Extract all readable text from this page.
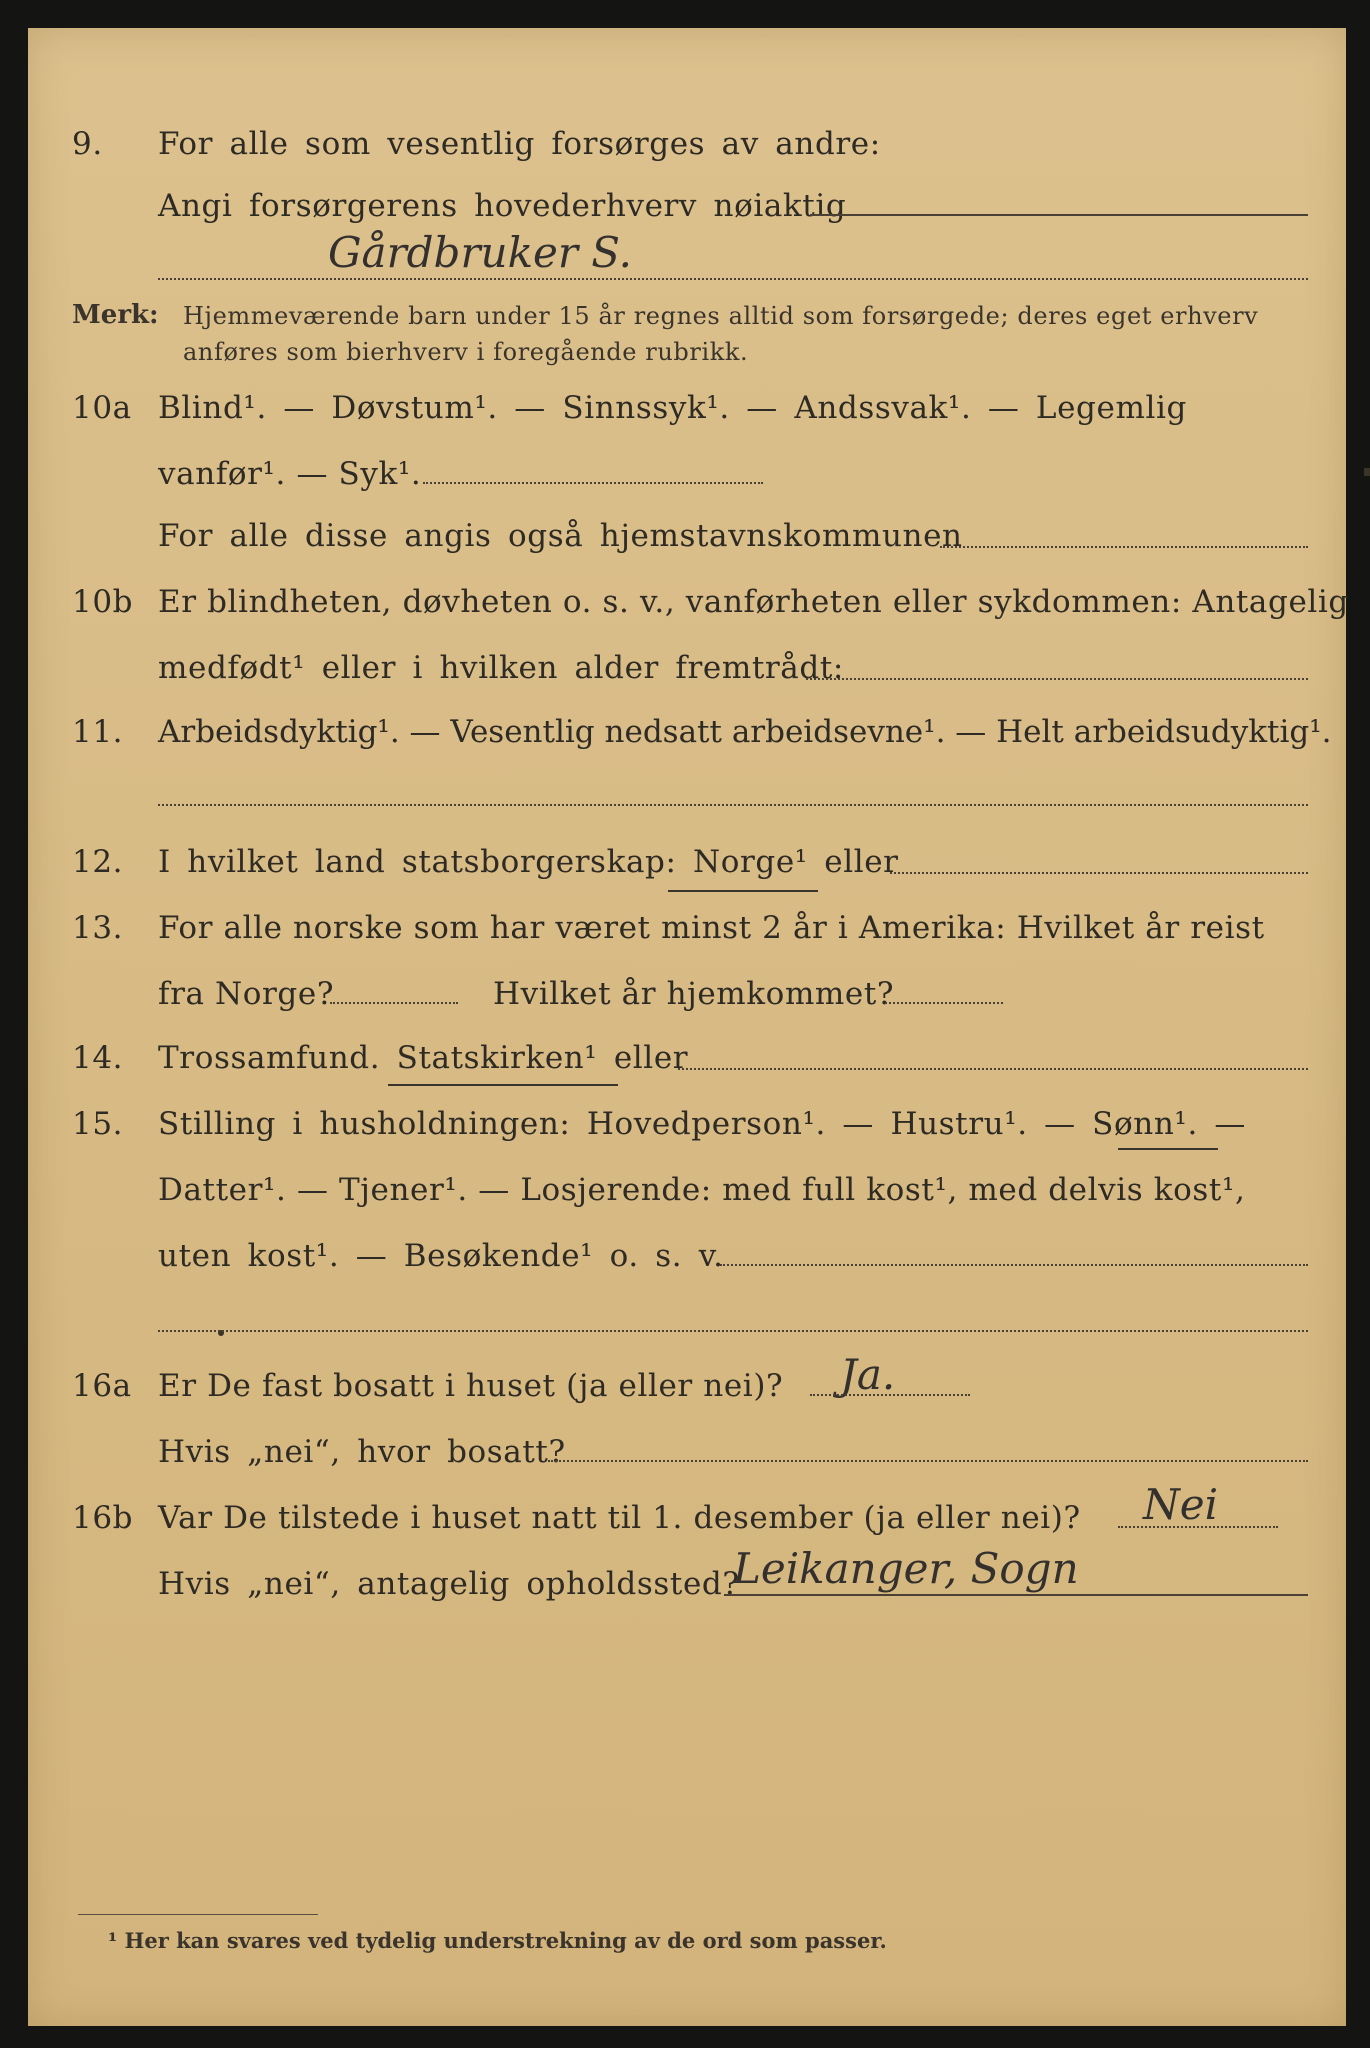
9. For alle som vesentlig forsørges av andre:
Angi forsørgerens hovederhverv nøiaktig
Gårdbruker S.
Merk: Hjemmeværende barn under 15 år regnes alltid som forsørgede; deres eget erhverv
anføres som bierhverv i foregående rubrikk.
10a Blind¹. — Døvstum¹. — Sinnssyk¹. — Andssvak¹. — Legemlig
vanfør¹. — Syk¹.
For alle disse angis også hjemstavnskommunen
10b Er blindheten, døvheten o. s. v., vanførheten eller sykdommen: Antagelig
medfødt¹ eller i hvilken alder fremtrådt:
11. Arbeidsdyktig¹. — Vesentlig nedsatt arbeidsevne¹. — Helt arbeidsudyktig¹.
12. I hvilket land statsborgerskap: Norge¹ eller
13. For alle norske som har været minst 2 år i Amerika: Hvilket år reist
fra Norge?	Hvilket år hjemkommet?
14. Trossamfund. Statskirken¹ eller
15. Stilling i husholdningen: Hovedperson¹. — Hustru¹. — Sønn¹. —
Datter¹. — Tjener¹. — Losjerende: med full kost¹, med delvis kost¹,
uten kost¹. — Besøkende¹ o. s. v.
16a Er De fast bosatt i huset (ja eller nei)? Ja.
Hvis „nei“, hvor bosatt?
16b Var De tilstede i huset natt til 1. desember (ja eller nei)? Nei
Hvis „nei“, antagelig opholdssted?
Leikanger, Sogn
¹ Her kan svares ved tydelig understrekning av de ord som passer.
